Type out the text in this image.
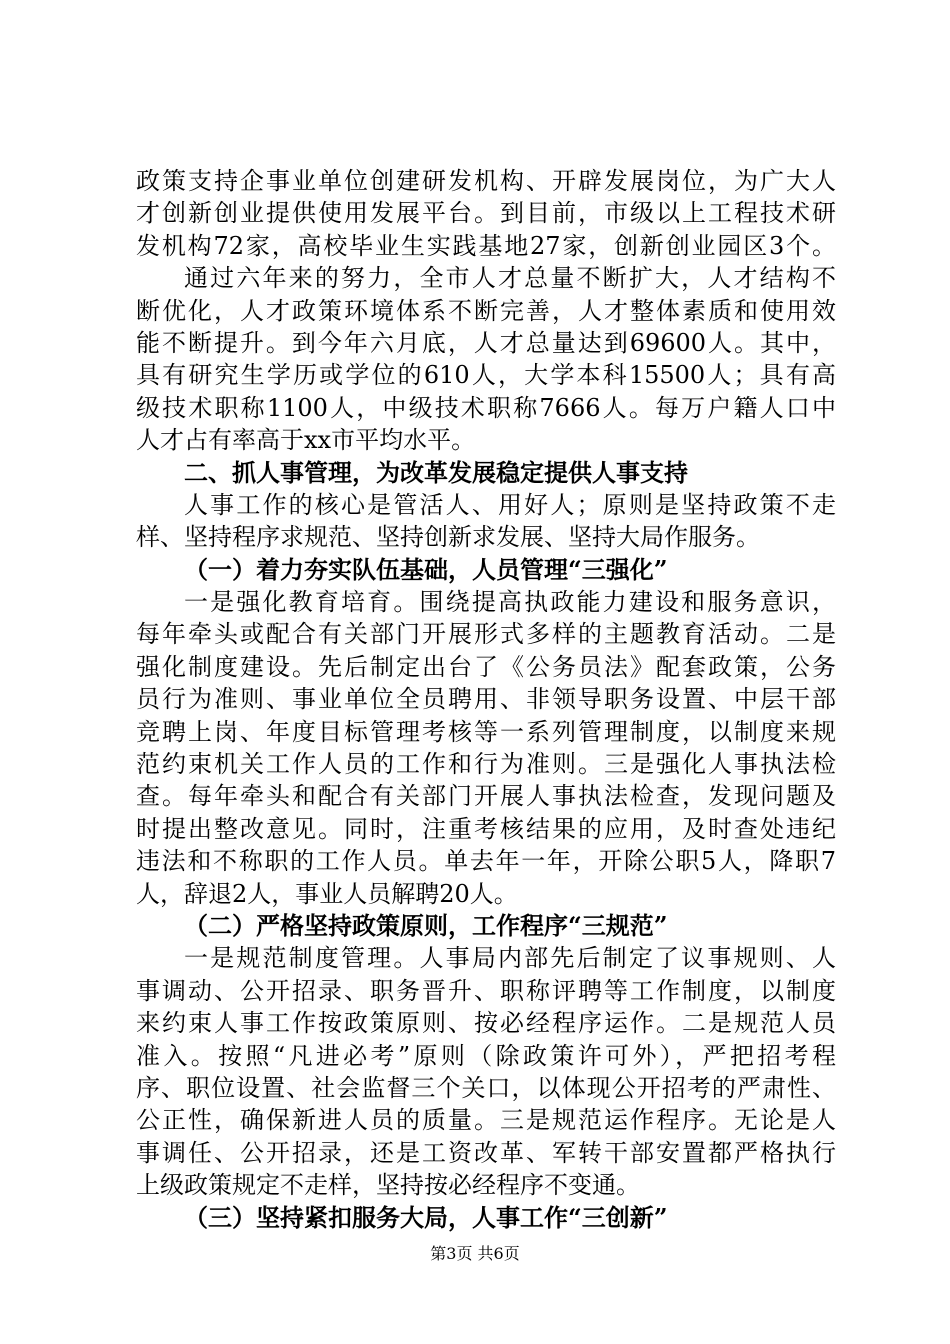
政策支持企事业单位创建研发机构、开辟发展岗位，为广大人
才创新创业提供使用发展平台。到目前，市级以上工程技术研
发机构72家，高校毕业生实践基地27家，创新创业园区3个。
通过六年来的努力，全市人才总量不断扩大，人才结构不
断优化，人才政策环境体系不断完善，人才整体素质和使用效
能不断提升。到今年六月底，人才总量达到69600人。其中，
具有研究生学历或学位的610人，大学本科15500人；具有高
级技术职称1100人，中级技术职称7666人。每万户籍人口中
人才占有率高于xx市平均水平。
二、抓人事管理，为改革发展稳定提供人事支持
人事工作的核心是管活人、用好人；原则是坚持政策不走
样、坚持程序求规范、坚持创新求发展、坚持大局作服务。
（一）着力夯实队伍基础，人员管理“三强化”
一是强化教育培育。围绕提高执政能力建设和服务意识，
每年牵头或配合有关部门开展形式多样的主题教育活动。二是
强化制度建设。先后制定出台了《公务员法》配套政策，公务
员行为准则、事业单位全员聘用、非领导职务设置、中层干部
竞聘上岗、年度目标管理考核等一系列管理制度，以制度来规
范约束机关工作人员的工作和行为准则。三是强化人事执法检
查。每年牵头和配合有关部门开展人事执法检查，发现问题及
时提出整改意见。同时，注重考核结果的应用，及时查处违纪
违法和不称职的工作人员。单去年一年，开除公职5人，降职7
人，辞退2人，事业人员解聘20人。
（二）严格坚持政策原则，工作程序“三规范”
一是规范制度管理。人事局内部先后制定了议事规则、人
事调动、公开招录、职务晋升、职称评聘等工作制度，以制度
来约束人事工作按政策原则、按必经程序运作。二是规范人员
准入。按照“凡进必考”原则（除政策许可外），严把招考程
序、职位设置、社会监督三个关口，以体现公开招考的严肃性、
公正性，确保新进人员的质量。三是规范运作程序。无论是人
事调任、公开招录，还是工资改革、军转干部安置都严格执行
上级政策规定不走样，坚持按必经程序不变通。
（三）坚持紧扣服务大局，人事工作“三创新”
第3页 共6页
